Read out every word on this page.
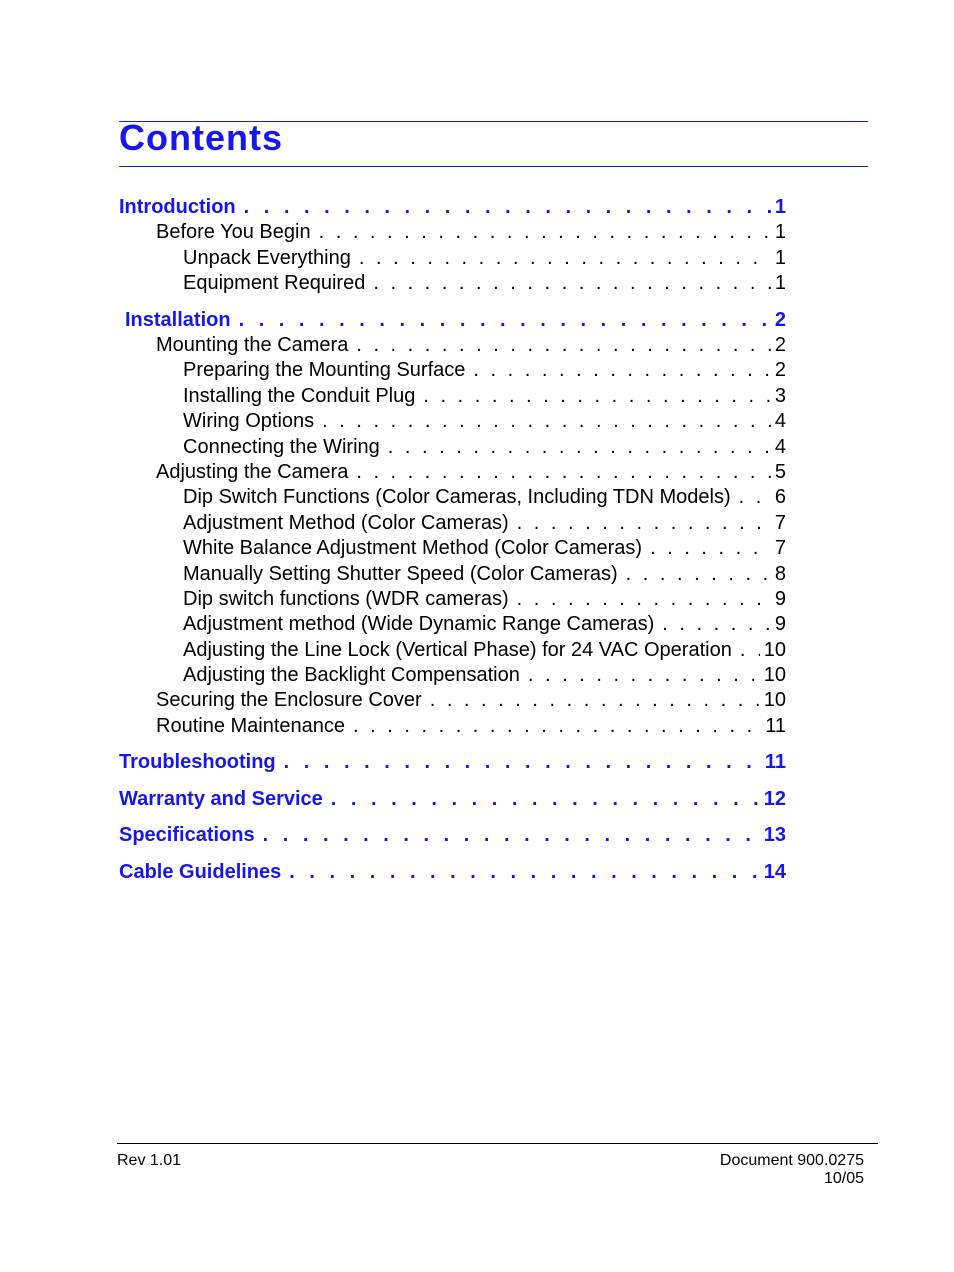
Contents
Introduction . . .	1
Before You Begin . . .	1
Unpack Everything . . .	1
Equipment Required . . .	1
Installation . . .	2
Mounting the Camera . . .	2
Preparing the Mounting Surface . . .	2
Installing the Conduit Plug . . .	3
Wiring Options . . .	4
Connecting the Wiring . . .	4
Adjusting the Camera . . .	5
Dip Switch Functions (Color Cameras, Including TDN Models) . . . 6
Adjustment Method (Color Cameras) . . .	7
White Balance Adjustment Method (Color Cameras) . . .	7
Manually Setting Shutter Speed (Color Cameras) . . .	8
Dip switch functions (WDR cameras) . . .	9
Adjustment method (Wide Dynamic Range Cameras) . . .	9
Adjusting the Line Lock (Vertical Phase) for 24 VAC Operation . . . 10
Adjusting the Backlight Compensation . . .	10
Securing the Enclosure Cover . . .	10
Routine Maintenance . . .	11
Troubleshooting . . .	11
Warranty and Service . . .	12
Specifications . . .	13
Cable Guidelines . . .	14
Rev 1.01	Document 900.0275
10/05
